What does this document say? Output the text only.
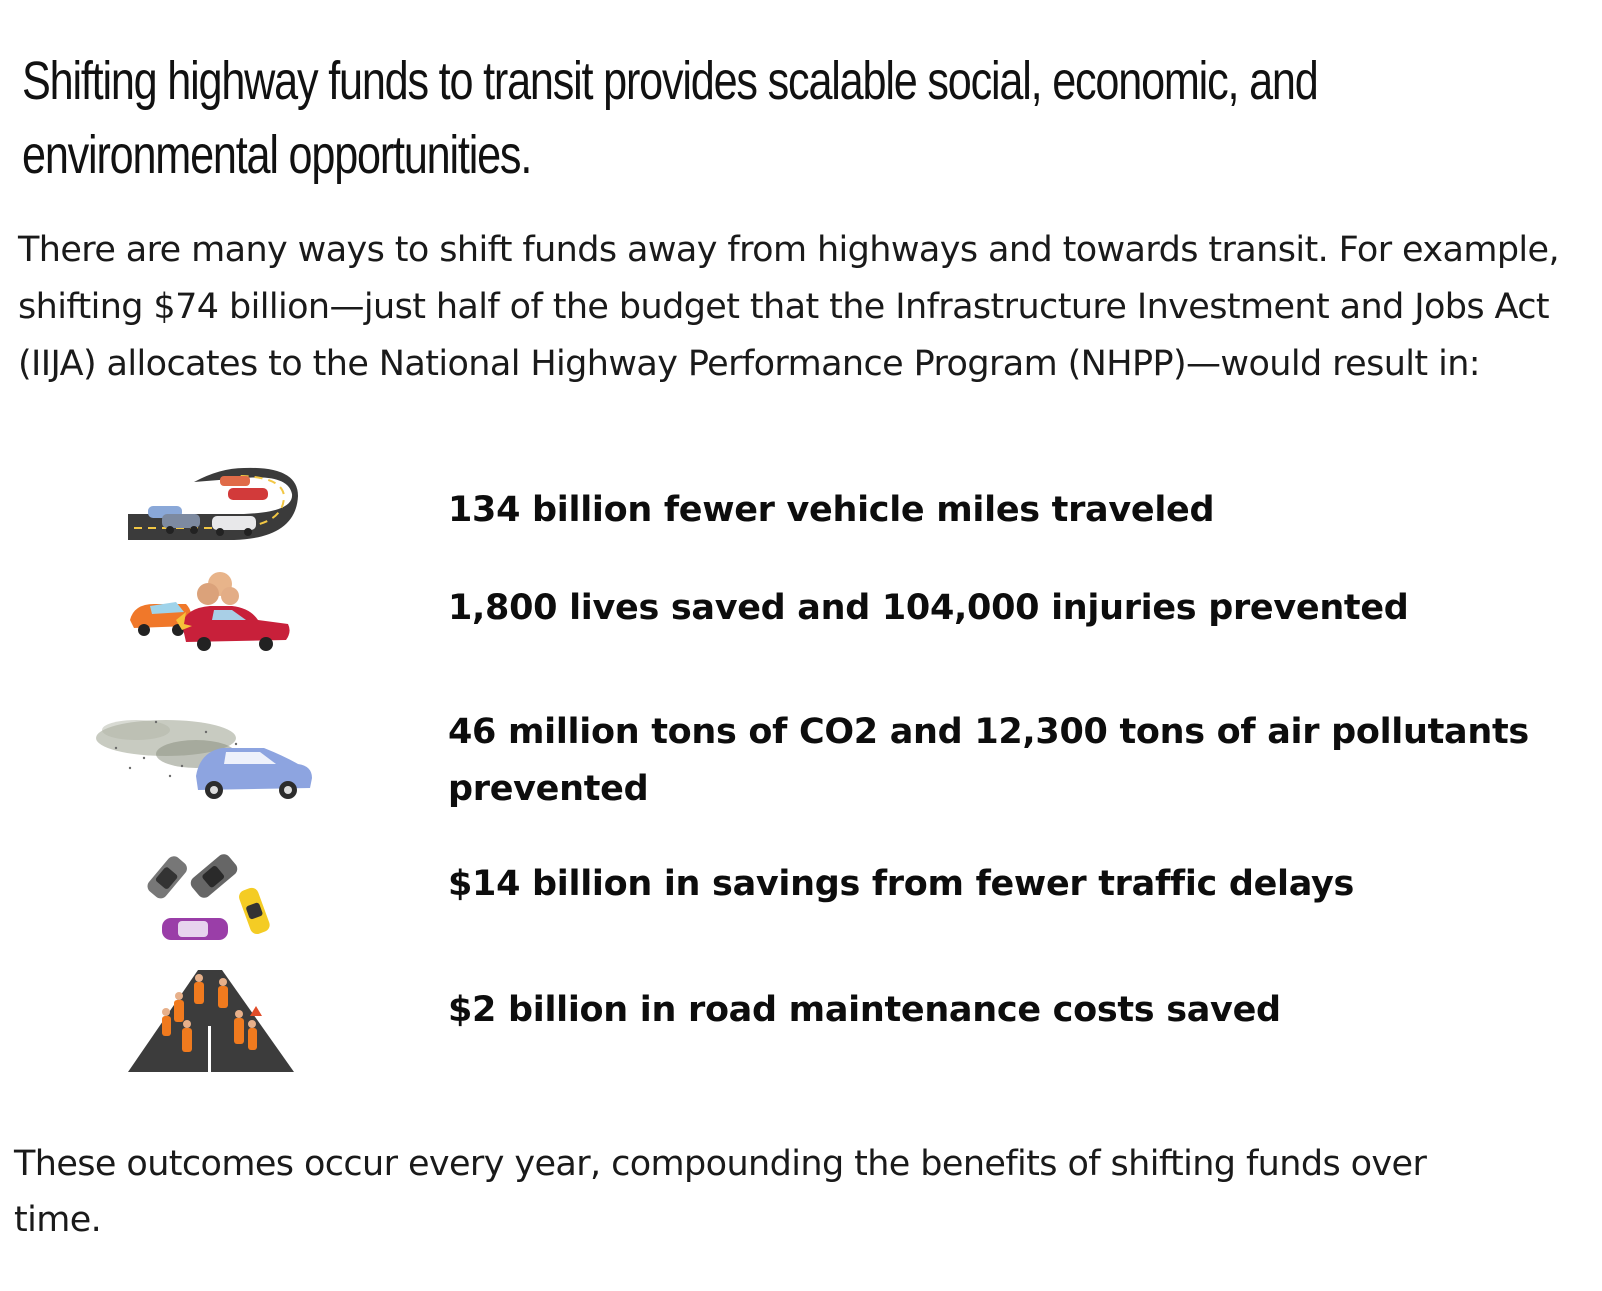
Shifting highway funds to transit provides scalable social, economic, and environmental opportunities.
There are many ways to shift funds away from highways and towards transit. For example, shifting $74 billion—just half of the budget that the Infrastructure Investment and Jobs Act (IIJA) allocates to the National Highway Performance Program (NHPP)—would result in:
134 billion fewer vehicle miles traveled
1,800 lives saved and 104,000 injuries prevented
46 million tons of CO2 and 12,300 tons of air pollutants prevented
$14 billion in savings from fewer traffic delays
$2 billion in road maintenance costs saved
These outcomes occur every year, compounding the benefits of shifting funds over time.
